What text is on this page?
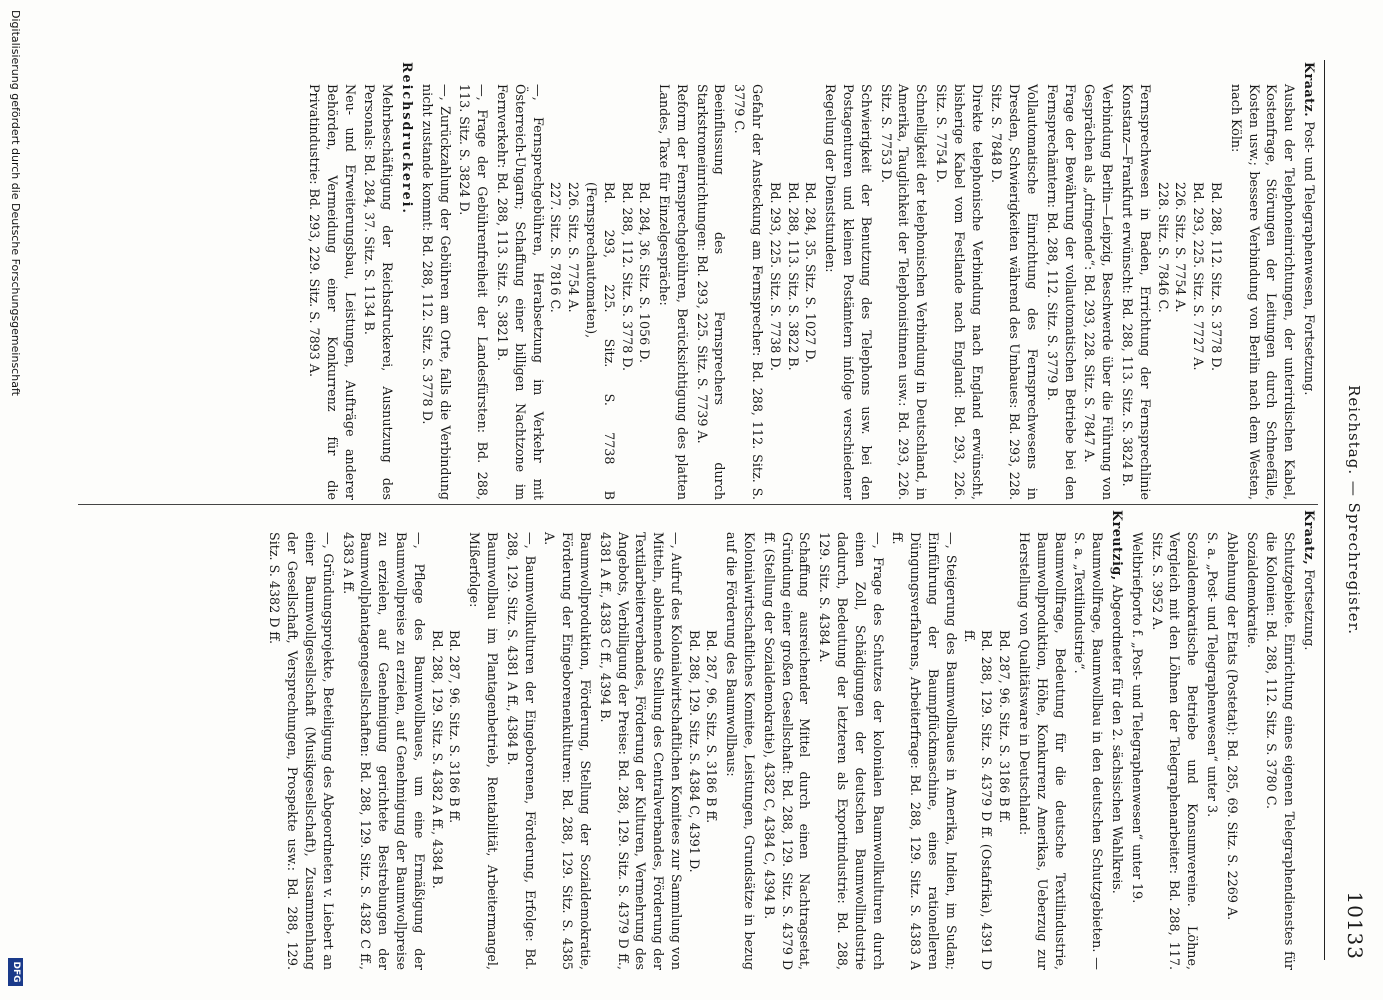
Reichstag. — Sprechregister.
10133
Kraatz. Post- und Telegraphenwesen, Fortsetzung.
Ausbau der Telephoneinrichtungen, der unterirdischen Kabel, Kostenfrage, Störungen der Leitungen durch Schneefälle, Kosten usw.; bessere Verbindung von Berlin nach dem Westen, nach Köln:
Bd. 288, 112. Sitz. S. 3778 D.
Bd. 293, 225. Sitz. S. 7727 A.
226. Sitz. S. 7754 A.
228. Sitz. S. 7846 C.
Fernsprechwesen in Baden, Errichtung der Fernsprechlinie Konstanz—Frankfurt erwünscht: Bd. 288, 113. Sitz. S. 3824 B.
Verbindung Berlin—Leipzig, Beschwerde über die Führung von Gesprächen als „dringende“: Bd. 293, 228. Sitz. S. 7847 A.
Frage der Bewährung der vollautomatischen Betriebe bei den Fernsprechämtern: Bd. 288, 112. Sitz. S. 3779 B.
Vollautomatische Einrichtung des Fernsprechwesens in Dresden, Schwierigkeiten während des Umbaues: Bd. 293, 228. Sitz. S. 7848 D.
Direkte telephonische Verbindung nach England erwünscht, bisherige Kabel vom Festlande nach England: Bd. 293, 226. Sitz. S. 7754 D.
Schnelligkeit der telephonischen Verbindung in Deutschland, in Amerika, Tauglichkeit der Telephonistinnen usw.: Bd. 293, 226. Sitz. S. 7753 D.
Schwierigkeit der Benutzung des Telephons usw. bei den Postagenturen und kleinen Postämtern infolge verschiedener Regelung der Dienststunden:
Bd. 284, 35. Sitz. S. 1027 D.
Bd. 288, 113. Sitz. S. 3822 B.
Bd. 293, 225. Sitz. S. 7738 D.
Gefahr der Ansteckung am Fernsprecher: Bd. 288, 112. Sitz. S. 3779 C.
Beeinflussung des Fernsprechers durch Starkstromeinrichtungen: Bd. 293, 225. Sitz. S. 7739 A.
Reform der Fernsprechgebühren, Berücksichtigung des platten Landes, Taxe für Einzelgespräche:
Bd. 284, 36. Sitz. S. 1056 D.
Bd. 288, 112. Sitz. S. 3778 D.
Bd. 293, 225. Sitz. S. 7738 B (Fernsprechautomaten),
226. Sitz. S. 7754 A.
227. Sitz. S. 7816 C.
—, Fernsprechgebühren, Herabsetzung im Verkehr mit Österreich-Ungarn; Schaffung einer billigen Nachtzone im Fernverkehr: Bd. 288, 113. Sitz. S. 3821 B.
—, Frage der Gebührenfreiheit der Landesfürsten: Bd. 288, 113. Sitz. S. 3824 D.
—, Zurückzahlung der Gebühren am Orte, falls die Verbindung nicht zustande kommt: Bd. 288, 112. Sitz. S. 3778 D.
Reichsdruckerei.
Mehrbeschäftigung der Reichsdruckerei, Ausnutzung des Personals: Bd. 284, 37. Sitz. S. 1134 B.
Neu- und Erweiterungsbau, Leistungen, Aufträge anderer Behörden, Vermeidung einer Konkurrenz für die Privatindustrie: Bd. 293, 229. Sitz. S. 7893 A.
Kraatz, Fortsetzung.
Schutzgebiete. Einrichtung eines eigenen Telegraphendienstes für die Kolonien: Bd. 288, 112. Sitz. S. 3780 C.
Sozialdemokratie.
Ablehnung der Etats (Postetat): Bd. 285, 69. Sitz. S. 2269 A.
S. a. „Post- und Telegraphenwesen“ unter 3.
Sozialdemokratische Betriebe und Konsumvereine. Löhne, Vergleich mit den Löhnen der Telegraphenarbeiter: Bd. 288, 117. Sitz. S. 3952 A.
Weltbriefporto f. „Post- und Telegraphenwesen“ unter 19.
Kreutzig, Abgeordneter für den 2. sächsischen Wahlkreis.
Baumwollfrage, Baumwollbau in den deutschen Schutzgebieten. — S. a. „Textilindustrie“.
Baumwollfrage, Bedeutung für die deutsche Textilindustrie, Baumwollproduktion, Höhe, Konkurrenz Amerikas, Ueberzug zur Herstellung von Qualitätsware in Deutschland:
Bd. 287, 96. Sitz. S. 3186 B ff.
Bd. 288, 129. Sitz. S. 4379 D ff. (Ostafrika), 4391 D ff.
—, Steigerung des Baumwollbaues in Amerika, Indien, im Sudan; Einführung der Baumpflückmaschine, eines rationelleren Düngungsverfahrens, Arbeiterfrage: Bd. 288, 129. Sitz. S. 4383 A ff.
—, Frage des Schutzes der kolonialen Baumwollkulturen durch einen Zoll, Schädigungen der deutschen Baumwollindustrie dadurch, Bedeutung der letzteren als Exportindustrie: Bd. 288, 129. Sitz. S. 4384 A.
Schaffung ausreichender Mittel durch einen Nachtragsetat, Gründung einer großen Gesellschaft: Bd. 288, 129. Sitz. S. 4379 D ff. (Stellung der Sozialdemokratie), 4382 C, 4384 C, 4394 B.
Kolonialwirtschaftliches Komitee, Leistungen, Grundsätze in bezug auf die Förderung des Baumwollbaus:
Bd. 287, 96. Sitz. S. 3186 B ff.
Bd. 288, 129. Sitz. S. 4384 C, 4391 D.
—, Aufruf des Kolonialwirtschaftlichen Komitees zur Sammlung von Mitteln, ablehnende Stellung des Centralverbandes, Förderung der Textilarbeiterverbandes, Förderung der Kulturen, Vermehrung des Angebots, Verbilligung der Preise: Bd. 288, 129. Sitz. S. 4379 D ff., 4381 A ff., 4383 C ff., 4394 B.
Baumwollproduktion, Förderung, Stellung der Sozialdemokratie, Förderung der Eingeborenenkulturen: Bd. 288, 129. Sitz. S. 4385 A.
—, Baumwollkulturen der Eingeborenen, Förderung, Erfolge: Bd. 288, 129. Sitz. S. 4381 A ff., 4384 B.
Baumwollbau im Plantagenbetrieb, Rentabilität, Arbeitermangel, Mißerfolge:
Bd. 287, 96. Sitz. S. 3186 B ff.
Bd. 288, 129. Sitz. S. 4382 A ff., 4384 B.
—, Pflege des Baumwollbaues, um eine Ermäßigung der Baumwollpreise zu erzielen, auf Genehmigung der Baumwollpreise zu erzielen, auf Genehmigung gerichtete Bestrebungen der Baumwollplantagengesellschaften: Bd. 288, 129. Sitz. S. 4382 C ff., 4383 A ff.
—, Gründungsprojekte, Beteiligung des Abgeordneten v. Liebert an einer Baumwollgesellschaft (Musikgesellschaft), Zusammenhang der Gesellschaft, Versprechungen, Prospekte usw.: Bd. 288, 129. Sitz. S. 4382 D ff.
Digitalisierung gefördert durch die Deutsche Forschungsgemeinschaft
DFG
